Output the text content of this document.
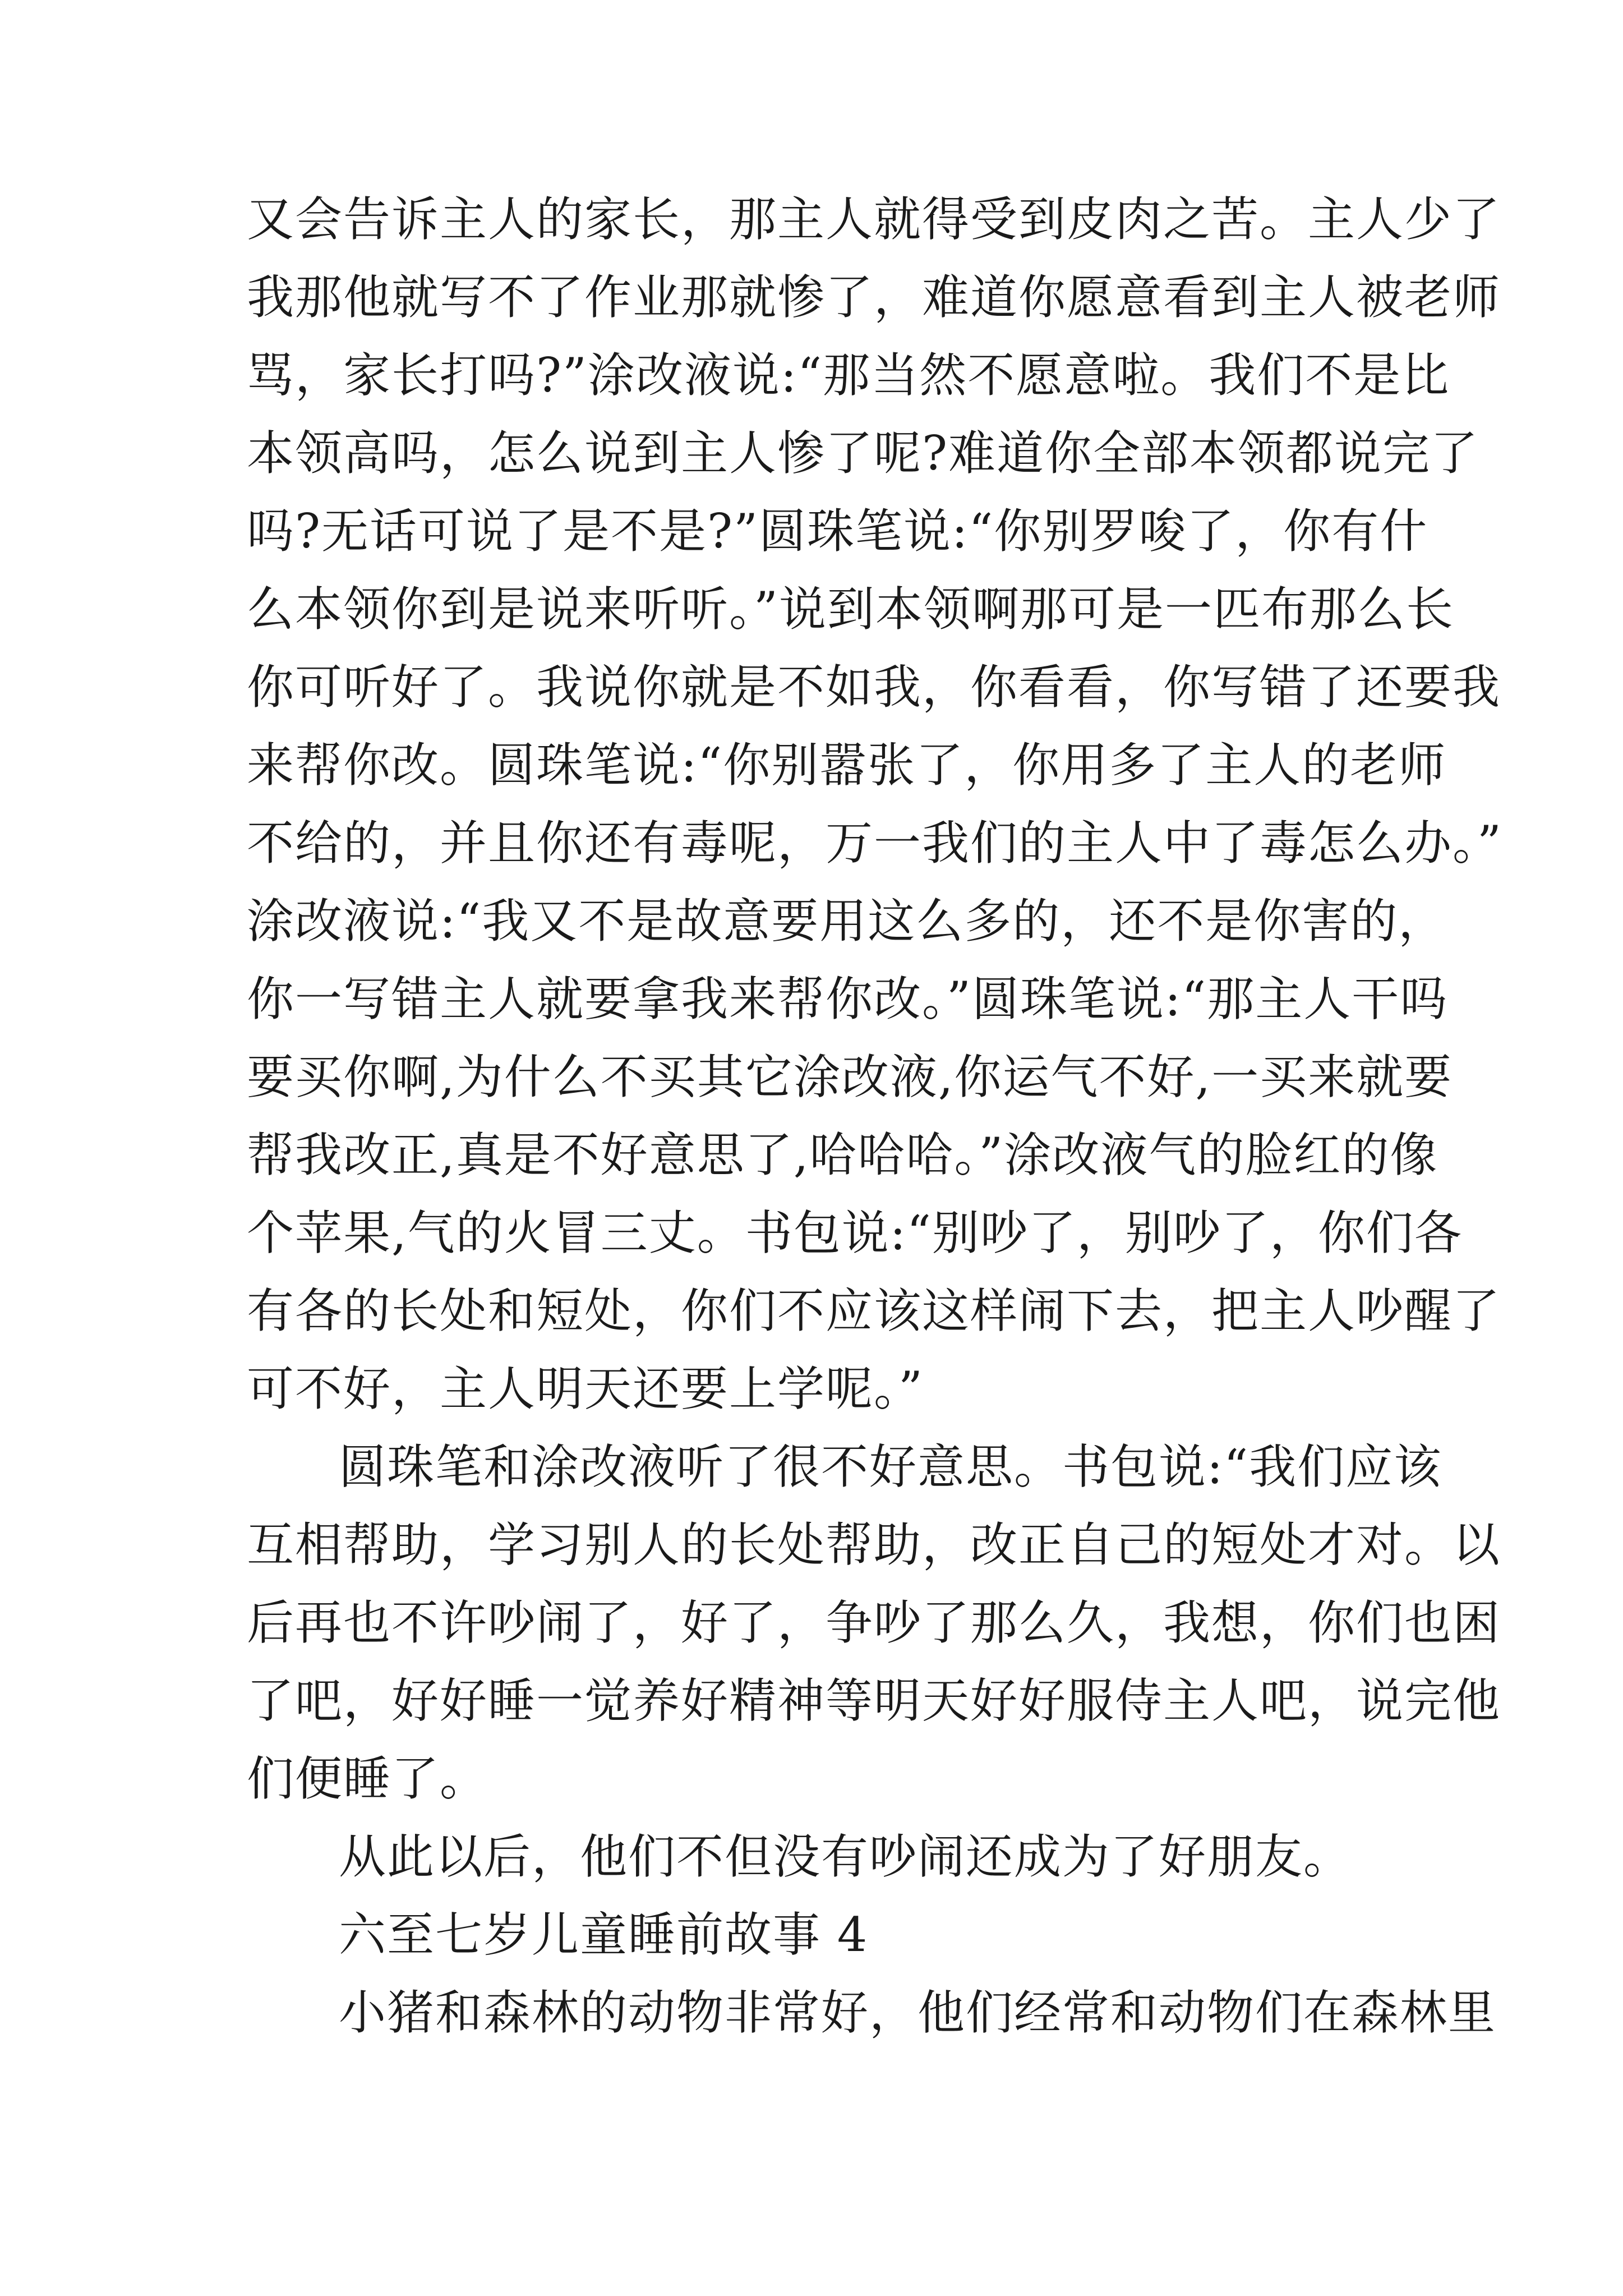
又会告诉主人的家长，那主人就得受到皮肉之苦。主人少了
我那他就写不了作业那就惨了，难道你愿意看到主人被老师
骂，家长打吗?”涂改液说:“那当然不愿意啦。我们不是比
本领高吗，怎么说到主人惨了呢?难道你全部本领都说完了
吗?无话可说了是不是?”圆珠笔说:“你别罗唆了，你有什
么本领你到是说来听听。”说到本领啊那可是一匹布那么长
你可听好了。我说你就是不如我，你看看，你写错了还要我
来帮你改。圆珠笔说:“你别嚣张了，你用多了主人的老师
不给的，并且你还有毒呢，万一我们的主人中了毒怎么办。”
涂改液说:“我又不是故意要用这么多的，还不是你害的，
你一写错主人就要拿我来帮你改。”圆珠笔说:“那主人干吗
要买你啊,为什么不买其它涂改液,你运气不好,一买来就要
帮我改正,真是不好意思了,哈哈哈。”涂改液气的脸红的像
个苹果,气的火冒三丈。书包说:“别吵了，别吵了，你们各
有各的长处和短处，你们不应该这样闹下去，把主人吵醒了
可不好，主人明天还要上学呢。”
圆珠笔和涂改液听了很不好意思。书包说:“我们应该
互相帮助，学习别人的长处帮助，改正自己的短处才对。以
后再也不许吵闹了，好了，争吵了那么久，我想，你们也困
了吧，好好睡一觉养好精神等明天好好服侍主人吧，说完他
们便睡了。
从此以后，他们不但没有吵闹还成为了好朋友。
六至七岁儿童睡前故事 4
小猪和森林的动物非常好，他们经常和动物们在森林里
